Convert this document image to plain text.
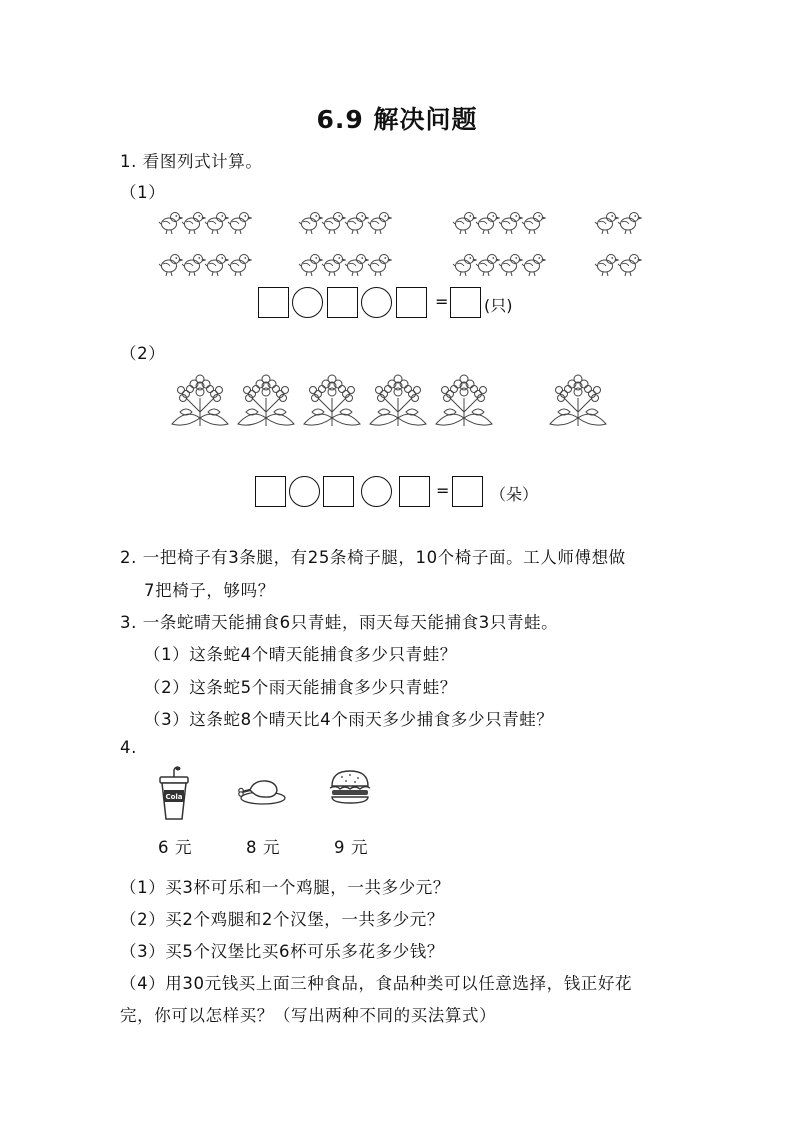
6.9 解决问题
1. 看图列式计算。
（1）
= (只)
（2）
=	（朵）
2. 一把椅子有3条腿，有25条椅子腿，10个椅子面。工人师傅想做
7把椅子，够吗？
3. 一条蛇晴天能捕食6只青蛙，雨天每天能捕食3只青蛙。
（1）这条蛇4个晴天能捕食多少只青蛙？
（2）这条蛇5个雨天能捕食多少只青蛙？
（3）这条蛇8个晴天比4个雨天多少捕食多少只青蛙？
4.
Cola
6 元	8 元	9 元
（1）买3杯可乐和一个鸡腿，一共多少元？
（2）买2个鸡腿和2个汉堡，一共多少元？
（3）买5个汉堡比买6杯可乐多花多少钱？
（4）用30元钱买上面三种食品，食品种类可以任意选择，钱正好花
完，你可以怎样买？（写出两种不同的买法算式）
